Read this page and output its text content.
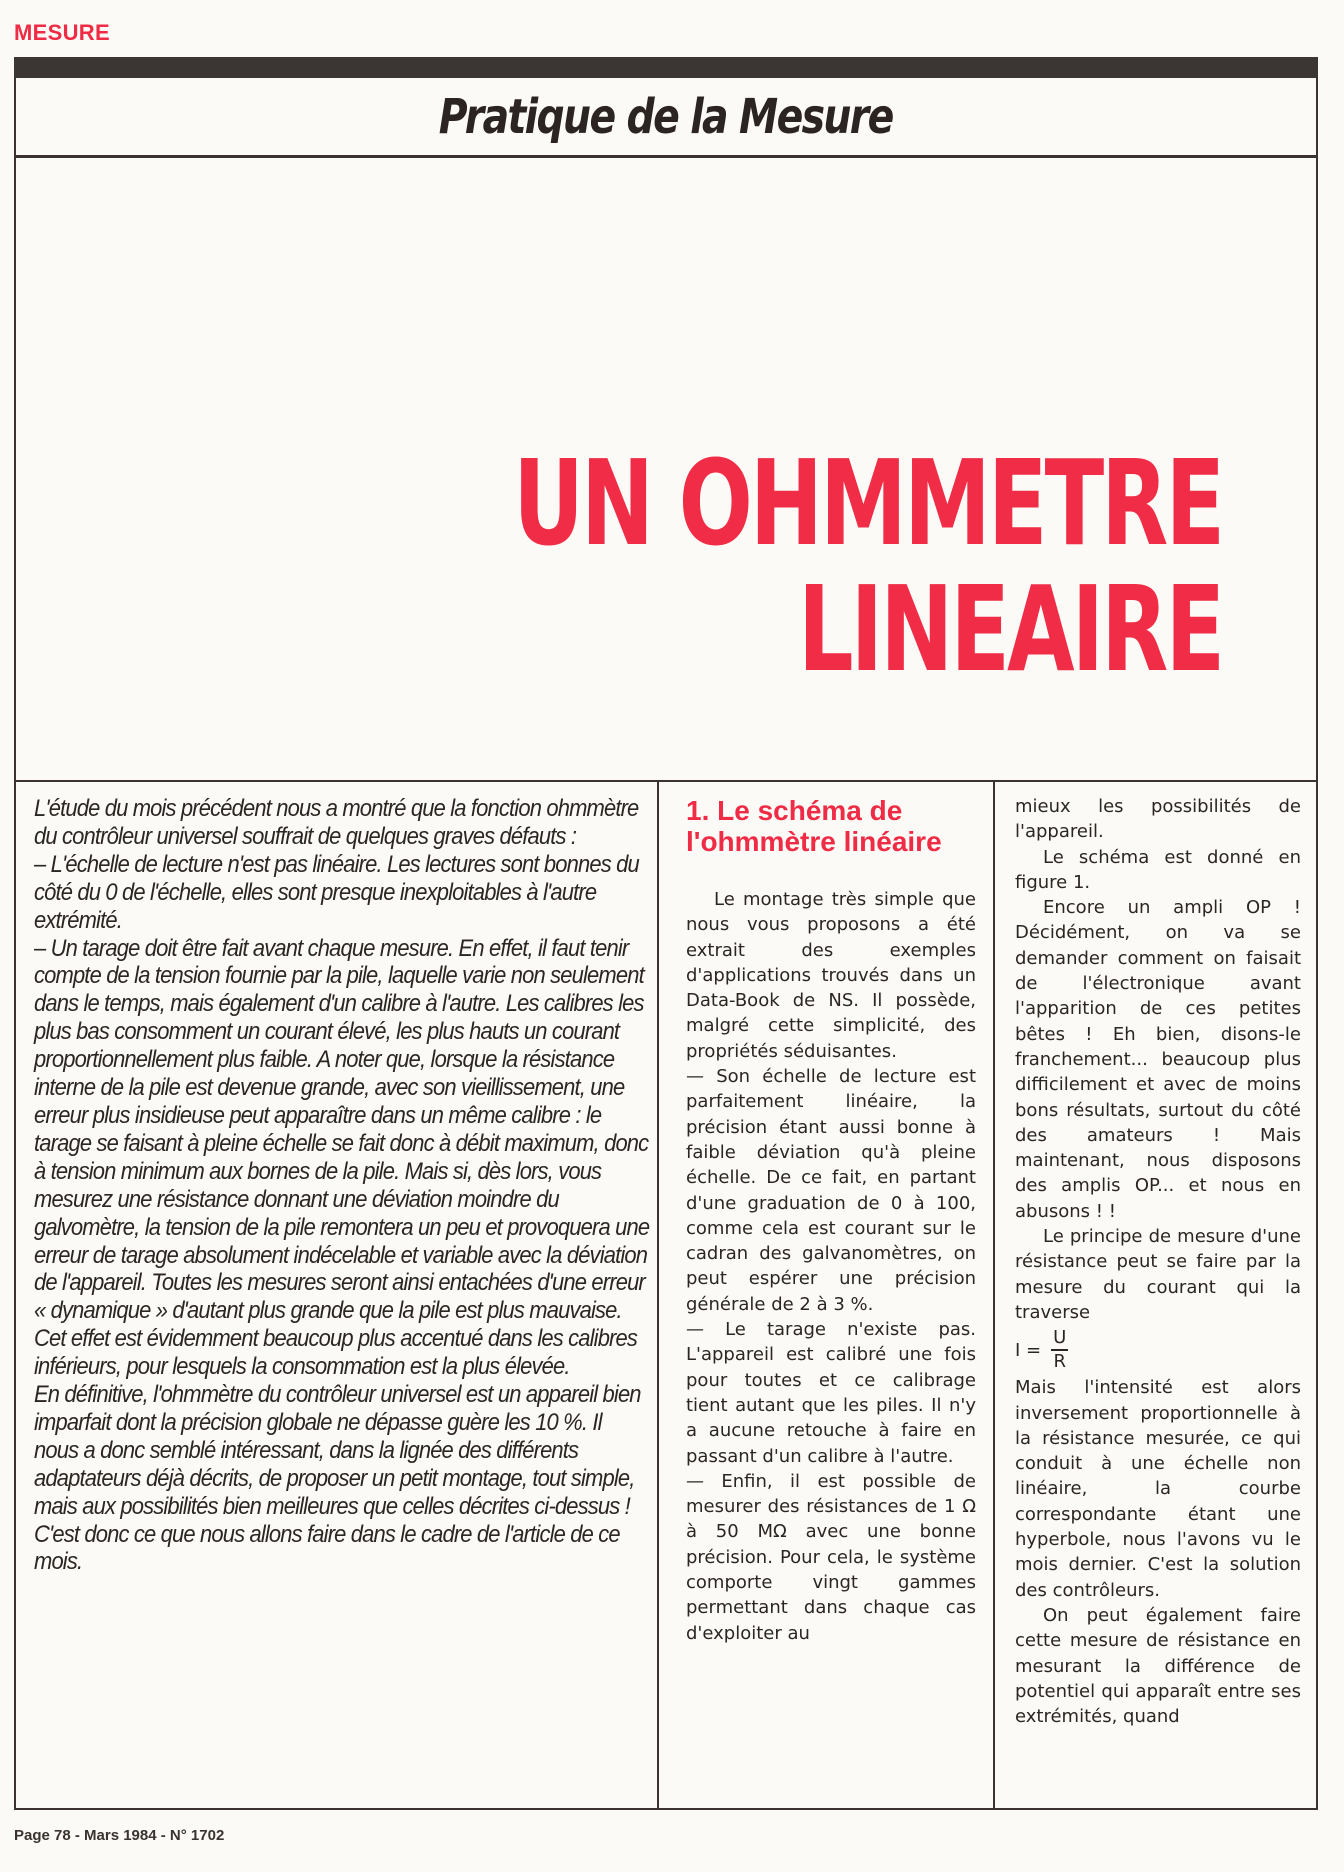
MESURE
Pratique de la Mesure
UN OHMMETRE
LINEAIRE

L'étude du mois précédent nous a montré que la fonction ohmmètre du contrôleur universel souffrait de quelques graves défauts :

– L'échelle de lecture n'est pas linéaire. Les lectures sont bonnes du côté du 0 de l'échelle, elles sont presque inexploitables à l'autre extrémité.

– Un tarage doit être fait avant chaque mesure. En effet, il faut tenir compte de la tension fournie par la pile, laquelle varie non seulement dans le temps, mais également d'un calibre à l'autre. Les calibres les plus bas consomment un courant élevé, les plus hauts un courant proportionnellement plus faible. A noter que, lorsque la résistance interne de la pile est devenue grande, avec son vieillissement, une erreur plus insidieuse peut apparaître dans un même calibre : le tarage se faisant à pleine échelle se fait donc à débit maximum, donc à tension minimum aux bornes de la pile. Mais si, dès lors, vous mesurez une résistance donnant une déviation moindre du galvomètre, la tension de la pile remontera un peu et provoquera une erreur de tarage absolument indécelable et variable avec la déviation de l'appareil. Toutes les mesures seront ainsi entachées d'une erreur « dynamique » d'autant plus grande que la pile est plus mauvaise. Cet effet est évidemment beaucoup plus accentué dans les calibres inférieurs, pour lesquels la consommation est la plus élevée.

En définitive, l'ohmmètre du contrôleur universel est un appareil bien imparfait dont la précision globale ne dépasse guère les 10 %. Il nous a donc semblé intéressant, dans la lignée des différents adaptateurs déjà décrits, de proposer un petit montage, tout simple, mais aux possibilités bien meilleures que celles décrites ci-dessus ! C'est donc ce que nous allons faire dans le cadre de l'article de ce mois.

1. Le schéma de l'ohmmètre linéaire

Le montage très simple que nous vous proposons a été extrait des exemples d'applications trouvés dans un Data-Book de NS. Il possède, malgré cette simplicité, des propriétés séduisantes.

— Son échelle de lecture est parfaitement linéaire, la précision étant aussi bonne à faible déviation qu'à pleine échelle. De ce fait, en partant d'une graduation de 0 à 100, comme cela est courant sur le cadran des galvanomètres, on peut espérer une précision générale de 2 à 3 %.

— Le tarage n'existe pas. L'appareil est calibré une fois pour toutes et ce calibrage tient autant que les piles. Il n'y a aucune retouche à faire en passant d'un calibre à l'autre.

— Enfin, il est possible de mesurer des résistances de 1 Ω à 50 MΩ avec une bonne précision. Pour cela, le système comporte vingt gammes permettant dans chaque cas d'exploiter au

mieux les possibilités de l'appareil.

Le schéma est donné en figure 1.

Encore un ampli OP ! Décidément, on va se demander comment on faisait de l'électronique avant l'apparition de ces petites bêtes ! Eh bien, disons-le franchement... beaucoup plus difficilement et avec de moins bons résultats, surtout du côté des amateurs ! Mais maintenant, nous disposons des amplis OP... et nous en abusons ! !

Le principe de mesure d'une résistance peut se faire par la mesure du courant qui la traverse

$I = \frac{U}{R}$

Mais l'intensité est alors inversement proportionnelle à la résistance mesurée, ce qui conduit à une échelle non linéaire, la courbe correspondante étant une hyperbole, nous l'avons vu le mois dernier. C'est la solution des contrôleurs.

On peut également faire cette mesure de résistance en mesurant la différence de potentiel qui apparaît entre ses extrémités, quand

Page 78 - Mars 1984 - N° 1702
